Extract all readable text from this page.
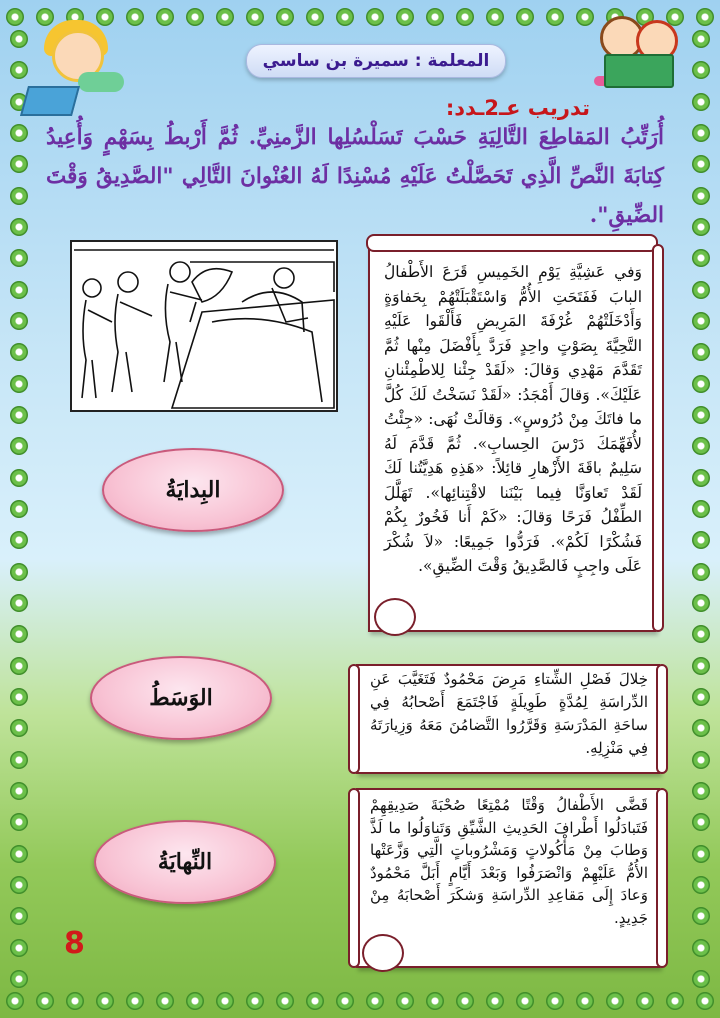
المعلمة : سميرة بن ساسي
تدريب عـ2ـدد:
أُرَتِّبُ المَقاطِعَ التَّالِيَةِ حَسْبَ تَسَلْسُلِها الزَّمنِيِّ. ثُمَّ أَرْبطُ بِسَهْمٍ وَأُعِيدُ كِتابَةَ النَّصِّ الَّذِي تَحَصَّلْتُ عَلَيْهِ مُسْنِدًا لَهُ العُنْوانَ التَّالِي "الصَّدِيقُ وَقْتَ الضِّيقِ".
وَفي عَشِيَّةِ يَوْمِ الخَمِيسِ قَرَعَ الأَطْفالُ البابَ فَفَتَحَتِ الأُمُّ وَاسْتَقْبَلَتْهُمْ بِحَفاوَةٍ وَأَدْخَلَتْهُمْ غُرْفَةَ المَرِيضِ فَأَلْقَوا عَلَيْهِ التَّحِيَّةَ بِصَوْتٍ واحِدٍ فَرَدَّ بِأَفْضَلَ مِنْها ثُمَّ تَقَدَّمَ مَهْدِي وَقالَ: «لَقَدْ جِئْنا لِلاطْمِئْنانِ عَلَيْكَ». وَقالَ أَمْجَدُ: «لَقَدْ نَسَخْتُ لَكَ كُلَّ ما فاتَكَ مِنْ دُرُوسٍ». وَقالَتْ نُهَى: «جِئْتُ لأُفَهِّمَكَ دَرْسَ الحِسابِ». ثُمَّ قَدَّمَ لَهُ سَلِيمٌ باقَةَ الأَزْهارِ قائِلاً: «هَذِهِ هَدِيَّتُنا لَكَ لَقَدْ تَعاوَنَّا فِيما بَيْنَنا لاقْتِنائِها». تَهَلَّلَ الطِّفْلُ فَرَحًا وَقالَ: «كَمْ أَنا فَخُورٌ بِكُمْ فَشُكْرًا لَكُمْ». فَرَدُّوا جَمِيعًا: «لاَ شُكْرَ عَلَى واجِبٍ فَالصَّدِيقُ وَقْتَ الضِّيقِ».
خِلالَ فَصْلِ الشِّتاءِ مَرِضَ مَحْمُودٌ فَتَغَيَّبَ عَنِ الدِّراسَةِ لِمُدَّةٍ طَوِيلَةٍ فَاجْتَمَعَ أَصْحابُهُ فِي ساحَةِ المَدْرَسَةِ وَقَرَّرُوا التَّضامُنَ مَعَهُ وَزِيارَتَهُ فِي مَنْزِلِهِ.
قَضَّى الأَطْفالُ وَقْتًا مُمْتِعًا صُحْبَةَ صَدِيقِهِمْ فَتَبادَلُوا أَطْرافَ الحَدِيثِ الشَّيِّقِ وَتَناوَلُوا ما لَذَّ وَطابَ مِنْ مَأْكُولاتٍ وَمَشْرُوباتٍ الَّتِي وَزَّعَتْها الأُمُّ عَلَيْهِمْ وَانْصَرَفُوا وَبَعْدَ أَيَّامٍ أَبَلَّ مَحْمُودٌ وَعادَ إِلَى مَقاعِدِ الدِّراسَةِ وَشكَرَ أَصْحابَهُ مِنْ جَدِيدٍ.
البِدايَةُ
الوَسَطُ
النِّهايَةُ
8
